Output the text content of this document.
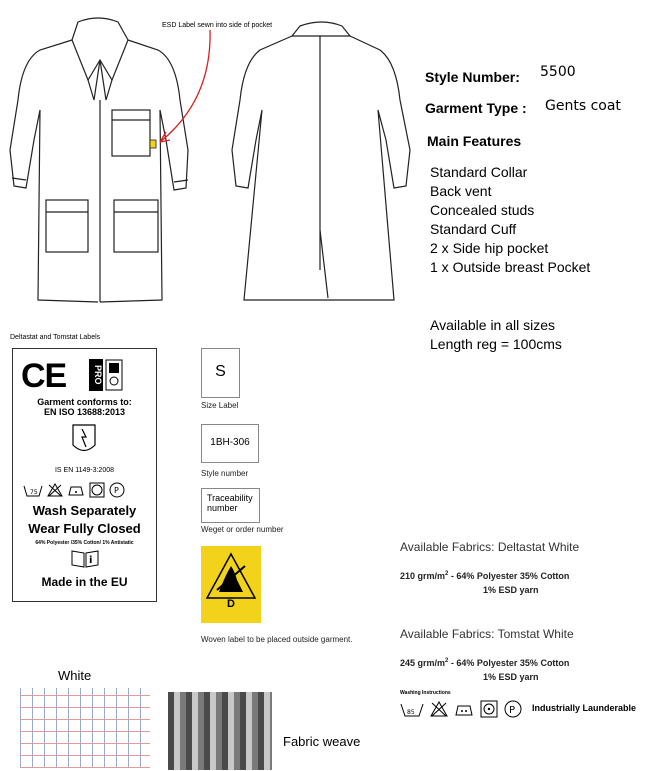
ESD Label sewn into side of pocket
Style Number: 5500
Garment Type : Gents coat
Main Features
Standard Collar
Back vent
Concealed studs
Standard Cuff
2 x Side hip pocket
1 x Outside breast Pocket
Available in all sizes
Length reg = 100cms
Deltastat and Tomstat Labels
CE	PRO
Garment conforms to:
EN ISO 13688:2013
IS EN 1149-3:2008
75	P
Wash Separately
Wear Fully Closed
64% Polyester /35% Cotton/ 1% Antistatic
i
Made in the EU
S
Size Label
1BH-306
Style number
Traceability
number
Weget or order number
D
Woven label to be placed outside garment.
Available Fabrics: Deltastat White
210 grm/$m^2 - 64\%$ Polyester 35% Cotton
1% ESD yarn
Available Fabrics: Tomstat White
245 grm/$m^2 - 64\%$ Polyester 35% Cotton
1% ESD yarn
Washing Instructions
85	P Industrially Launderable
White
Fabric weave
